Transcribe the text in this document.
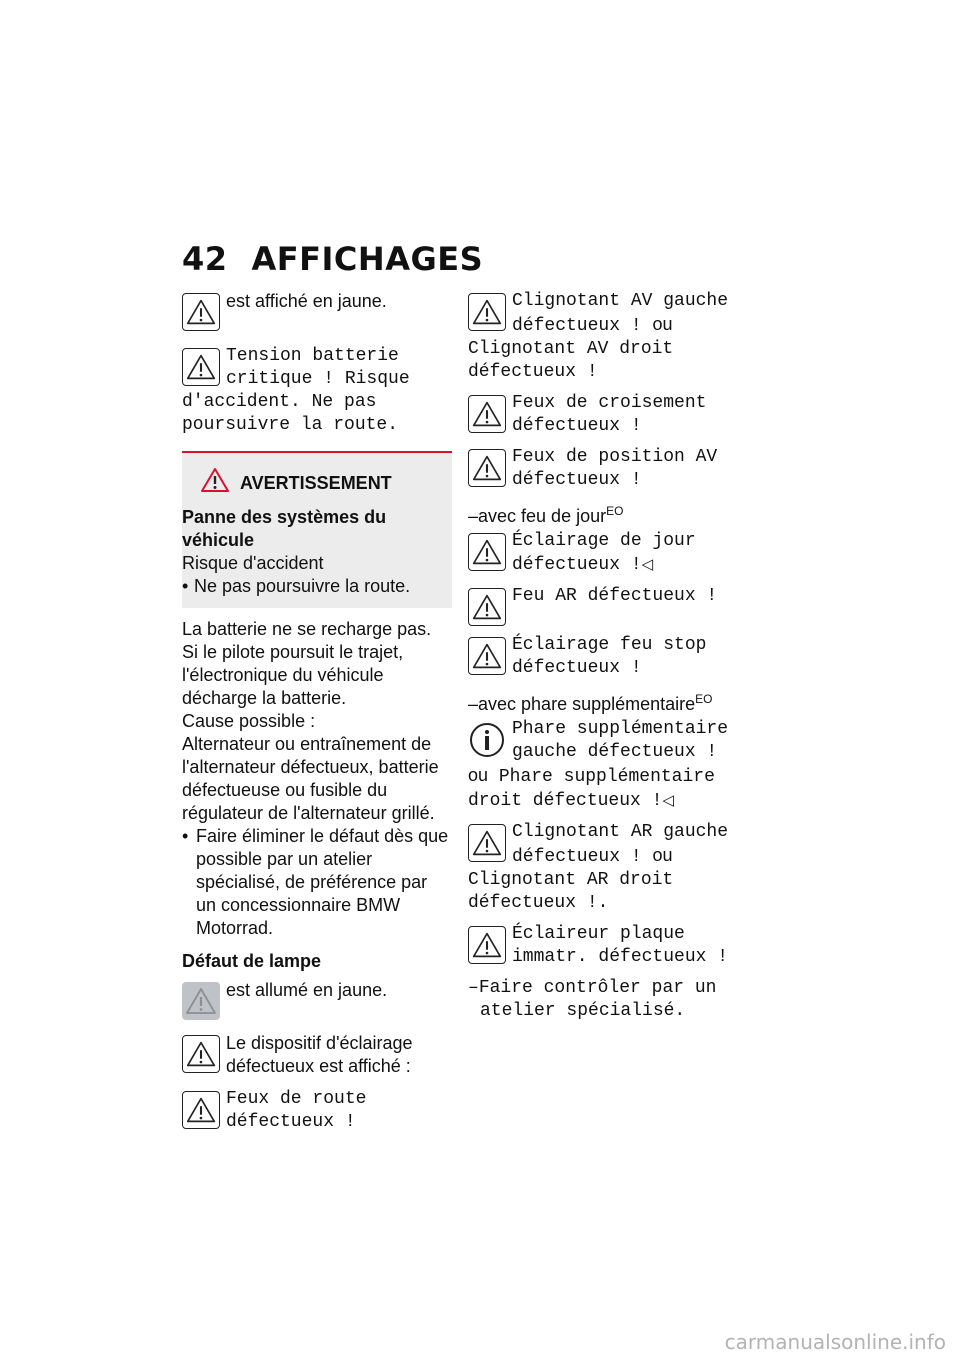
42 AFFICHAGES

est affiché en jaune.

Tension batterie critique ! Risque d'accident. Ne pas poursuivre la route.

AVERTISSEMENT
Panne des systèmes du véhicule
Risque d'accident
• Ne pas poursuivre la route.

La batterie ne se recharge pas. Si le pilote poursuit le trajet, l'électronique du véhicule décharge la batterie.

Cause possible :

Alternateur ou entraînement de l'alternateur défectueux, batterie défectueuse ou fusible du régulateur de l'alternateur grillé.

• Faire éliminer le défaut dès que possible par un atelier spécialisé, de préférence par un concessionnaire BMW Motorrad.
Défaut de lampe

est allumé en jaune.

Le dispositif d'éclairage défectueux est affiché :

Feux de route défectueux !

Clignotant AV gauche défectueux ! ou Clignotant AV droit défectueux !

Feux de croisement défectueux !

Feux de position AV défectueux !

–avec feu de jour$^{EO}$

Éclairage de jour défectueux !◁

Feu AR défectueux !

Éclairage feu stop défectueux !

–avec phare supplémentaire$^{EO}$

Phare supplémentaire gauche défectueux ! ou Phare supplémentaire droit défectueux !◁

Clignotant AR gauche défectueux ! ou Clignotant AR droit défectueux !.

Éclaireur plaque immatr. défectueux !

–Faire contrôler par un atelier spécialisé.
carmanualsonline.info
